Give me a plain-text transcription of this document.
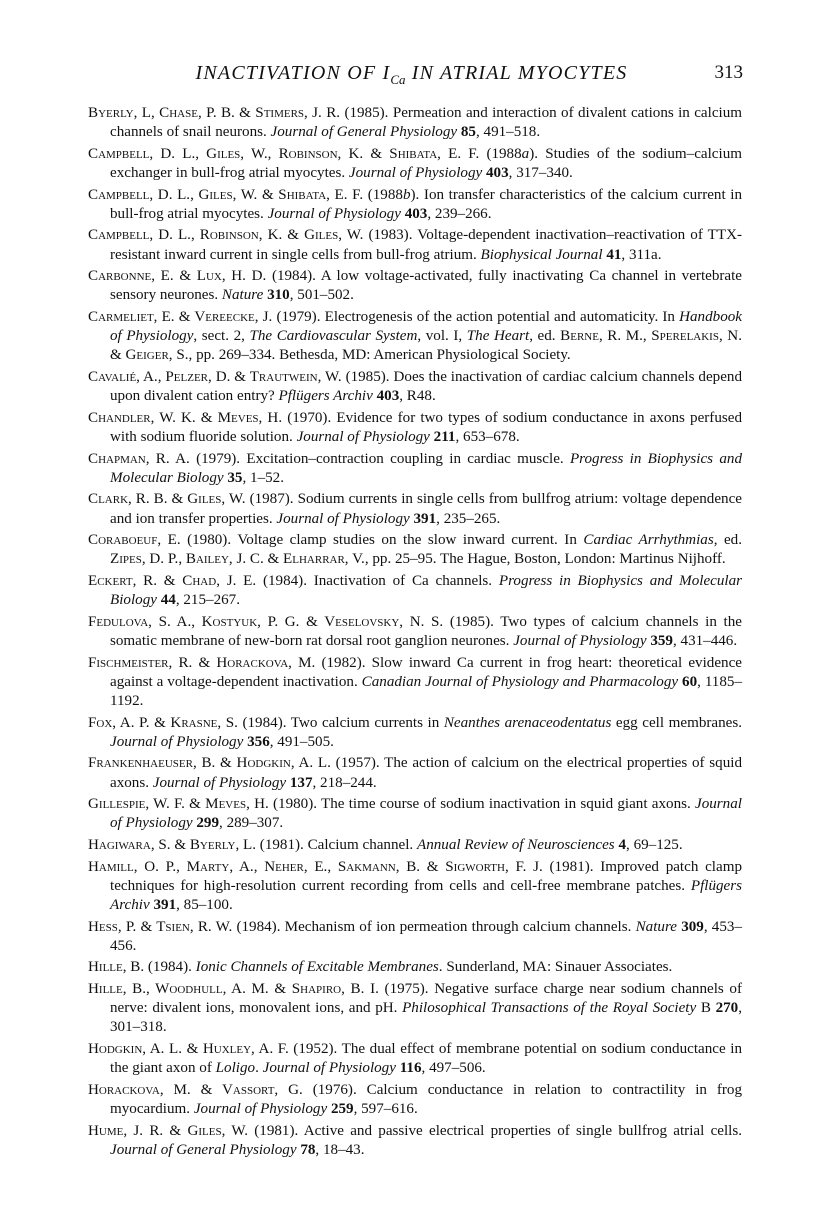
INACTIVATION OF $I_{Ca}$ IN ATRIAL MYOCYTES	313

Byerly, L, Chase, P. B. & Stimers, J. R. (1985). Permeation and interaction of divalent cations in calcium channels of snail neurons. Journal of General Physiology 85, 491–518.

Campbell, D. L., Giles, W., Robinson, K. & Shibata, E. F. (1988a). Studies of the sodium–calcium exchanger in bull-frog atrial myocytes. Journal of Physiology 403, 317–340.

Campbell, D. L., Giles, W. & Shibata, E. F. (1988b). Ion transfer characteristics of the calcium current in bull-frog atrial myocytes. Journal of Physiology 403, 239–266.

Campbell, D. L., Robinson, K. & Giles, W. (1983). Voltage-dependent inactivation–reactivation of TTX-resistant inward current in single cells from bull-frog atrium. Biophysical Journal 41, 311a.

Carbonne, E. & Lux, H. D. (1984). A low voltage-activated, fully inactivating Ca channel in vertebrate sensory neurones. Nature 310, 501–502.

Carmeliet, E. & Vereecke, J. (1979). Electrogenesis of the action potential and automaticity. In Handbook of Physiology, sect. 2, The Cardiovascular System, vol. I, The Heart, ed. Berne, R. M., Sperelakis, N. & Geiger, S., pp. 269–334. Bethesda, MD: American Physiological Society.

Cavalié, A., Pelzer, D. & Trautwein, W. (1985). Does the inactivation of cardiac calcium channels depend upon divalent cation entry? Pflügers Archiv 403, R48.

Chandler, W. K. & Meves, H. (1970). Evidence for two types of sodium conductance in axons perfused with sodium fluoride solution. Journal of Physiology 211, 653–678.

Chapman, R. A. (1979). Excitation–contraction coupling in cardiac muscle. Progress in Biophysics and Molecular Biology 35, 1–52.

Clark, R. B. & Giles, W. (1987). Sodium currents in single cells from bullfrog atrium: voltage dependence and ion transfer properties. Journal of Physiology 391, 235–265.

Coraboeuf, E. (1980). Voltage clamp studies on the slow inward current. In Cardiac Arrhythmias, ed. Zipes, D. P., Bailey, J. C. & Elharrar, V., pp. 25–95. The Hague, Boston, London: Martinus Nijhoff.

Eckert, R. & Chad, J. E. (1984). Inactivation of Ca channels. Progress in Biophysics and Molecular Biology 44, 215–267.

Fedulova, S. A., Kostyuk, P. G. & Veselovsky, N. S. (1985). Two types of calcium channels in the somatic membrane of new-born rat dorsal root ganglion neurones. Journal of Physiology 359, 431–446.

Fischmeister, R. & Horackova, M. (1982). Slow inward Ca current in frog heart: theoretical evidence against a voltage-dependent inactivation. Canadian Journal of Physiology and Pharmacology 60, 1185–1192.

Fox, A. P. & Krasne, S. (1984). Two calcium currents in Neanthes arenaceodentatus egg cell membranes. Journal of Physiology 356, 491–505.

Frankenhaeuser, B. & Hodgkin, A. L. (1957). The action of calcium on the electrical properties of squid axons. Journal of Physiology 137, 218–244.

Gillespie, W. F. & Meves, H. (1980). The time course of sodium inactivation in squid giant axons. Journal of Physiology 299, 289–307.

Hagiwara, S. & Byerly, L. (1981). Calcium channel. Annual Review of Neurosciences 4, 69–125.

Hamill, O. P., Marty, A., Neher, E., Sakmann, B. & Sigworth, F. J. (1981). Improved patch clamp techniques for high-resolution current recording from cells and cell-free membrane patches. Pflügers Archiv 391, 85–100.

Hess, P. & Tsien, R. W. (1984). Mechanism of ion permeation through calcium channels. Nature 309, 453–456.

Hille, B. (1984). Ionic Channels of Excitable Membranes. Sunderland, MA: Sinauer Associates.

Hille, B., Woodhull, A. M. & Shapiro, B. I. (1975). Negative surface charge near sodium channels of nerve: divalent ions, monovalent ions, and pH. Philosophical Transactions of the Royal Society B 270, 301–318.

Hodgkin, A. L. & Huxley, A. F. (1952). The dual effect of membrane potential on sodium conductance in the giant axon of Loligo. Journal of Physiology 116, 497–506.

Horackova, M. & Vassort, G. (1976). Calcium conductance in relation to contractility in frog myocardium. Journal of Physiology 259, 597–616.

Hume, J. R. & Giles, W. (1981). Active and passive electrical properties of single bullfrog atrial cells. Journal of General Physiology 78, 18–43.
